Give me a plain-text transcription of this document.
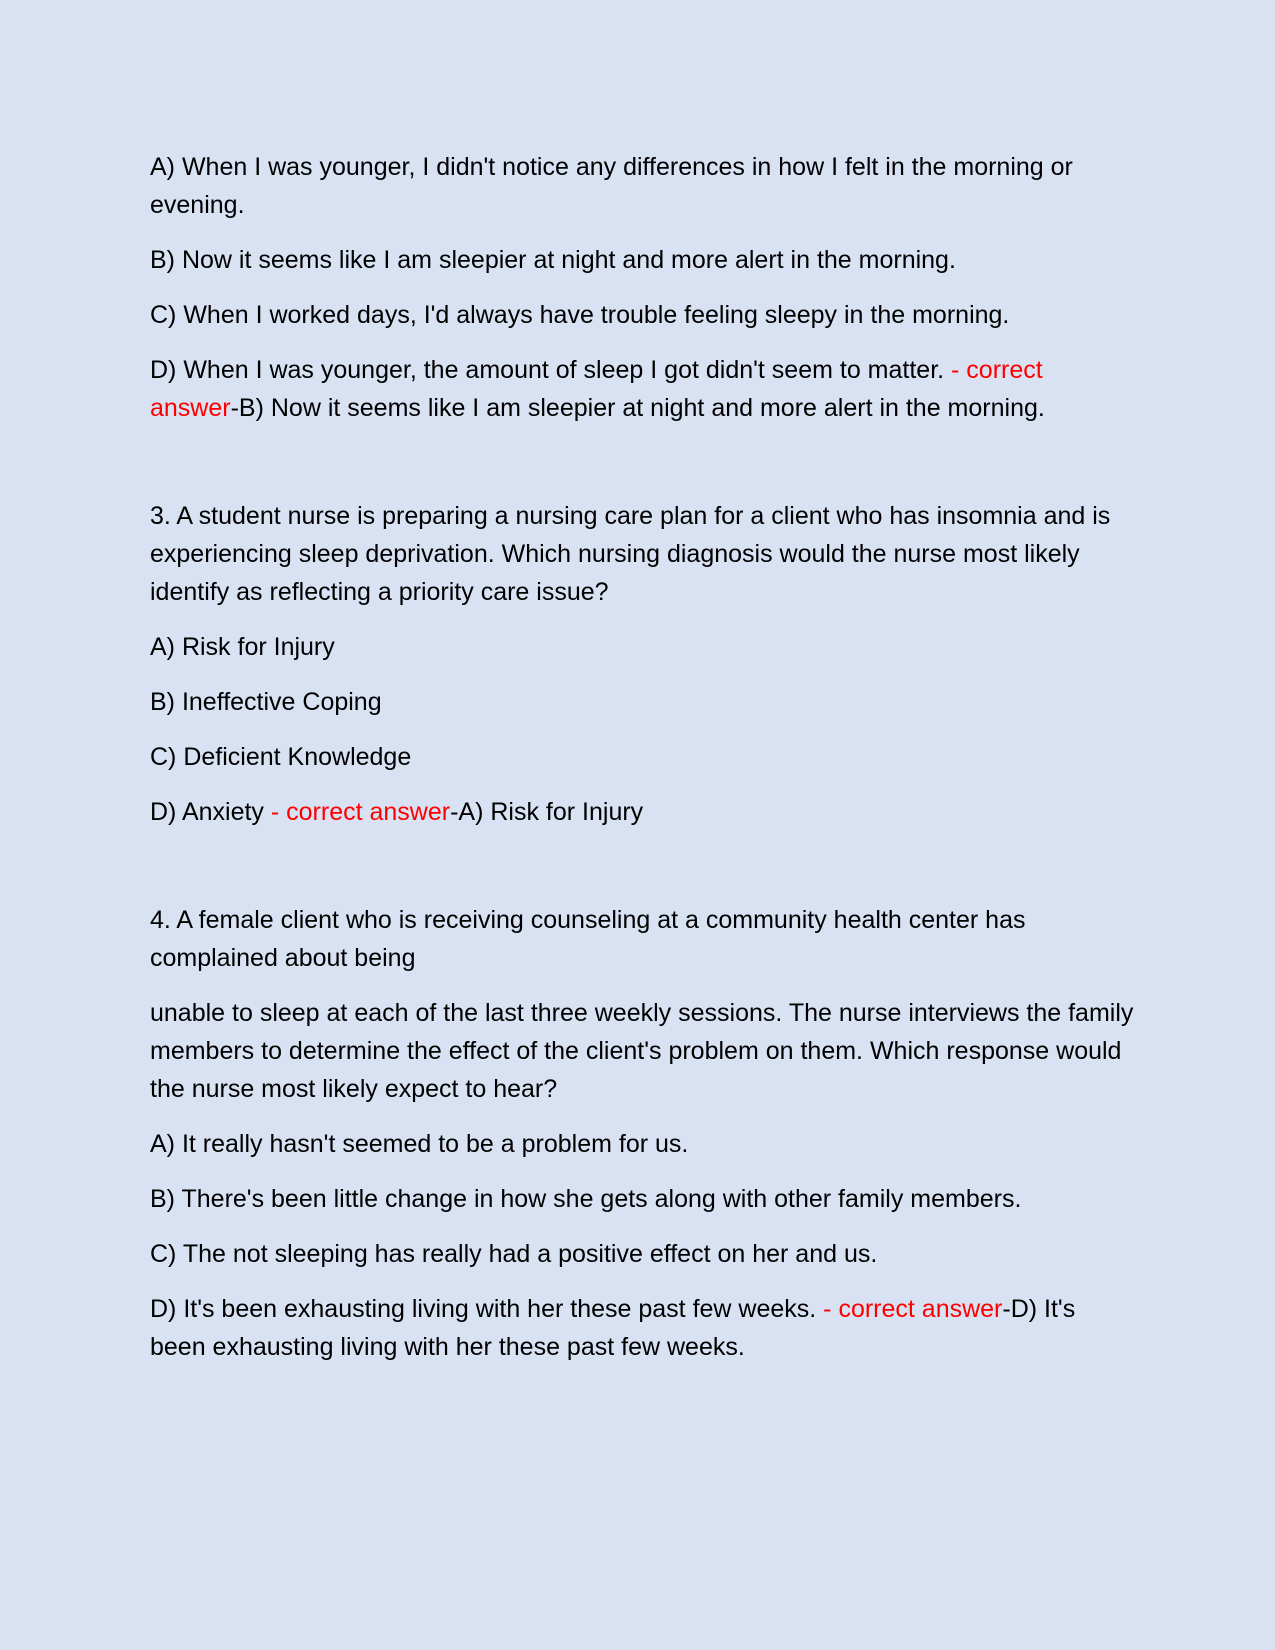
A) When I was younger, I didn't notice any differences in how I felt in the morning or evening.

B) Now it seems like I am sleepier at night and more alert in the morning.

C) When I worked days, I'd always have trouble feeling sleepy in the morning.

D) When I was younger, the amount of sleep I got didn't seem to matter. - correct answer-B) Now it seems like I am sleepier at night and more alert in the morning.

3. A student nurse is preparing a nursing care plan for a client who has insomnia and is experiencing sleep deprivation. Which nursing diagnosis would the nurse most likely identify as reflecting a priority care issue?

A) Risk for Injury

B) Ineffective Coping

C) Deficient Knowledge

D) Anxiety - correct answer-A) Risk for Injury

4. A female client who is receiving counseling at a community health center has complained about being

unable to sleep at each of the last three weekly sessions. The nurse interviews the family members to determine the effect of the client's problem on them. Which response would the nurse most likely expect to hear?

A) It really hasn't seemed to be a problem for us.

B) There's been little change in how she gets along with other family members.

C) The not sleeping has really had a positive effect on her and us.

D) It's been exhausting living with her these past few weeks. - correct answer-D) It's been exhausting living with her these past few weeks.
